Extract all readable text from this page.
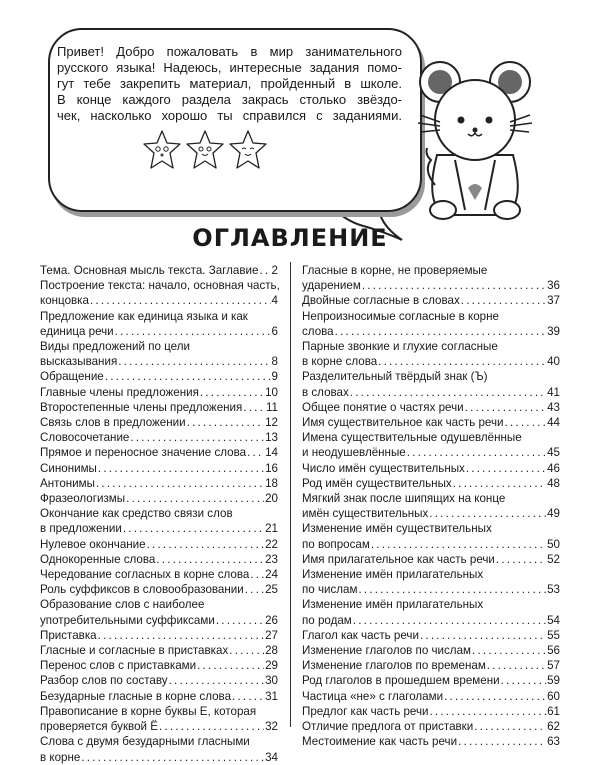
Привет! Добро пожаловать в мир занимательного
русского языка! Надеюсь, интересные задания помо-
гут тебе закрепить материал, пройденный в школе.
В конце каждого раздела закрась столько звёздо-
чек, насколько хорошо ты справился с заданиями.
ОГЛАВЛЕНИЕ
Тема. Основная мысль текста. Заглавие . . . 2
Построение текста: начало, основная часть,
концовка . . .	4
Предложение как единица языка и как
единица речи . . .	6
Виды предложений по цели
высказывания . . .	8
Обращение . . .	9
Главные члены предложения . . .	10
Второстепенные члены предложения . . . 11
Связь слов в предложении . . .	12
Словосочетание . . .	13
Прямое и переносное значение слова . . . 14
Синонимы . . .	16
Антонимы . . .	18
Фразеологизмы . . .	20
Окончание как средство связи слов
в предложении . . .	21
Нулевое окончание . . .	22
Однокоренные слова . . .	23
Чередование согласных в корне слова . . . 24
Роль суффиксов в словообразовании . . . 25
Образование слов с наиболее
употребительными суффиксами . . .	26
Приставка . . .	27
Гласные и согласные в приставках . . .	28
Перенос слов с приставками . . .	29
Разбор слов по составу . . .	30
Безударные гласные в корне слова . . .	31
Правописание в корне буквы Е, которая
проверяется буквой Ё . . .	32
Слова с двумя безударными гласными
в корне . . .	34
Гласные в корне, не проверяемые
ударением . . .	36
Двойные согласные в словах . . .	37
Непроизносимые согласные в корне
слова . . .	39
Парные звонкие и глухие согласные
в корне слова . . .	40
Разделительный твёрдый знак (Ъ)
в словах . . .	41
Общее понятие о частях речи . . .	43
Имя существительное как часть речи . . .	44
Имена существительные одушевлённые
и неодушевлённые . . .	45
Число имён существительных . . .	46
Род имён существительных . . .	48
Мягкий знак после шипящих на конце
имён существительных . . .	49
Изменение имён существительных
по вопросам . . .	50
Имя прилагательное как часть речи . . .	52
Изменение имён прилагательных
по числам . . .	53
Изменение имён прилагательных
по родам . . .	54
Глагол как часть речи . . .	55
Изменение глаголов по числам . . .	56
Изменение глаголов по временам . . .	57
Род глаголов в прошедшем времени . . .	59
Частица «не» с глаголами . . .	60
Предлог как часть речи . . .	61
Отличие предлога от приставки . . .	62
Местоимение как часть речи . . .	63
